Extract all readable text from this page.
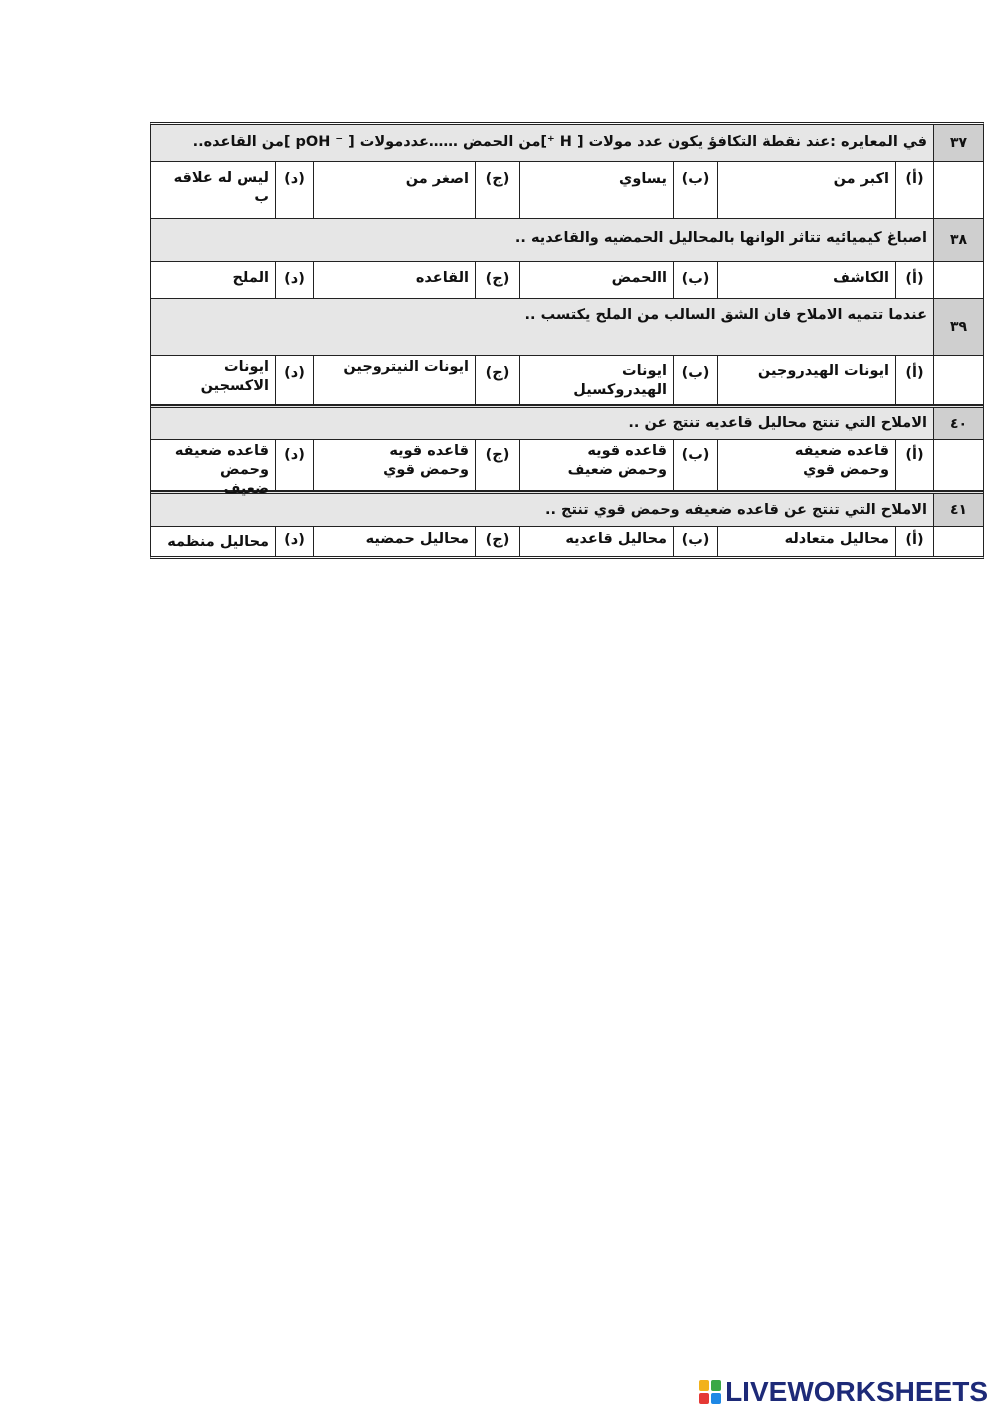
٣٧
في المعايره :عند نقطة التكافؤ يكون عدد مولات [ H ⁺]من الحمض ……عددمولات [ ⁻ pOH ]من القاعده..
(أ)
اكبر من
(ب)
يساوي
(ج)
اصغر من
(د)
ليس له علاقه ب
٣٨
اصباغ كيميائيه تتاثر الوانها بالمحاليل الحمضيه والقاعديه ..
(أ)
الكاشف
(ب)
االحمض
(ج)
القاعده
(د)
الملح
٣٩
عندما تتميه الاملاح فان الشق السالب من الملح يكتسب ..
(أ)
ايونات الهيدروجين
(ب)
ايونات الهيدروكسيل
(ج)
ايونات النيتروجين
(د)
ايونات الاكسجين
٤٠
الاملاح التي تنتج محاليل قاعديه تنتج عن ..
(أ)
قاعده ضعيفه وحمض قوي
(ب)
قاعده قويه وحمض ضعيف
(ج)
قاعده قويه وحمض قوي
(د)
قاعده ضعيفه وحمض ضعيف
٤١
الاملاح التي تنتج عن قاعده ضعيفه وحمض قوي تنتج ..
(أ)
محاليل متعادله
(ب)
محاليل قاعديه
(ج)
محاليل حمضيه
(د)
محاليل منظمه
LIVEWORKSHEETS
